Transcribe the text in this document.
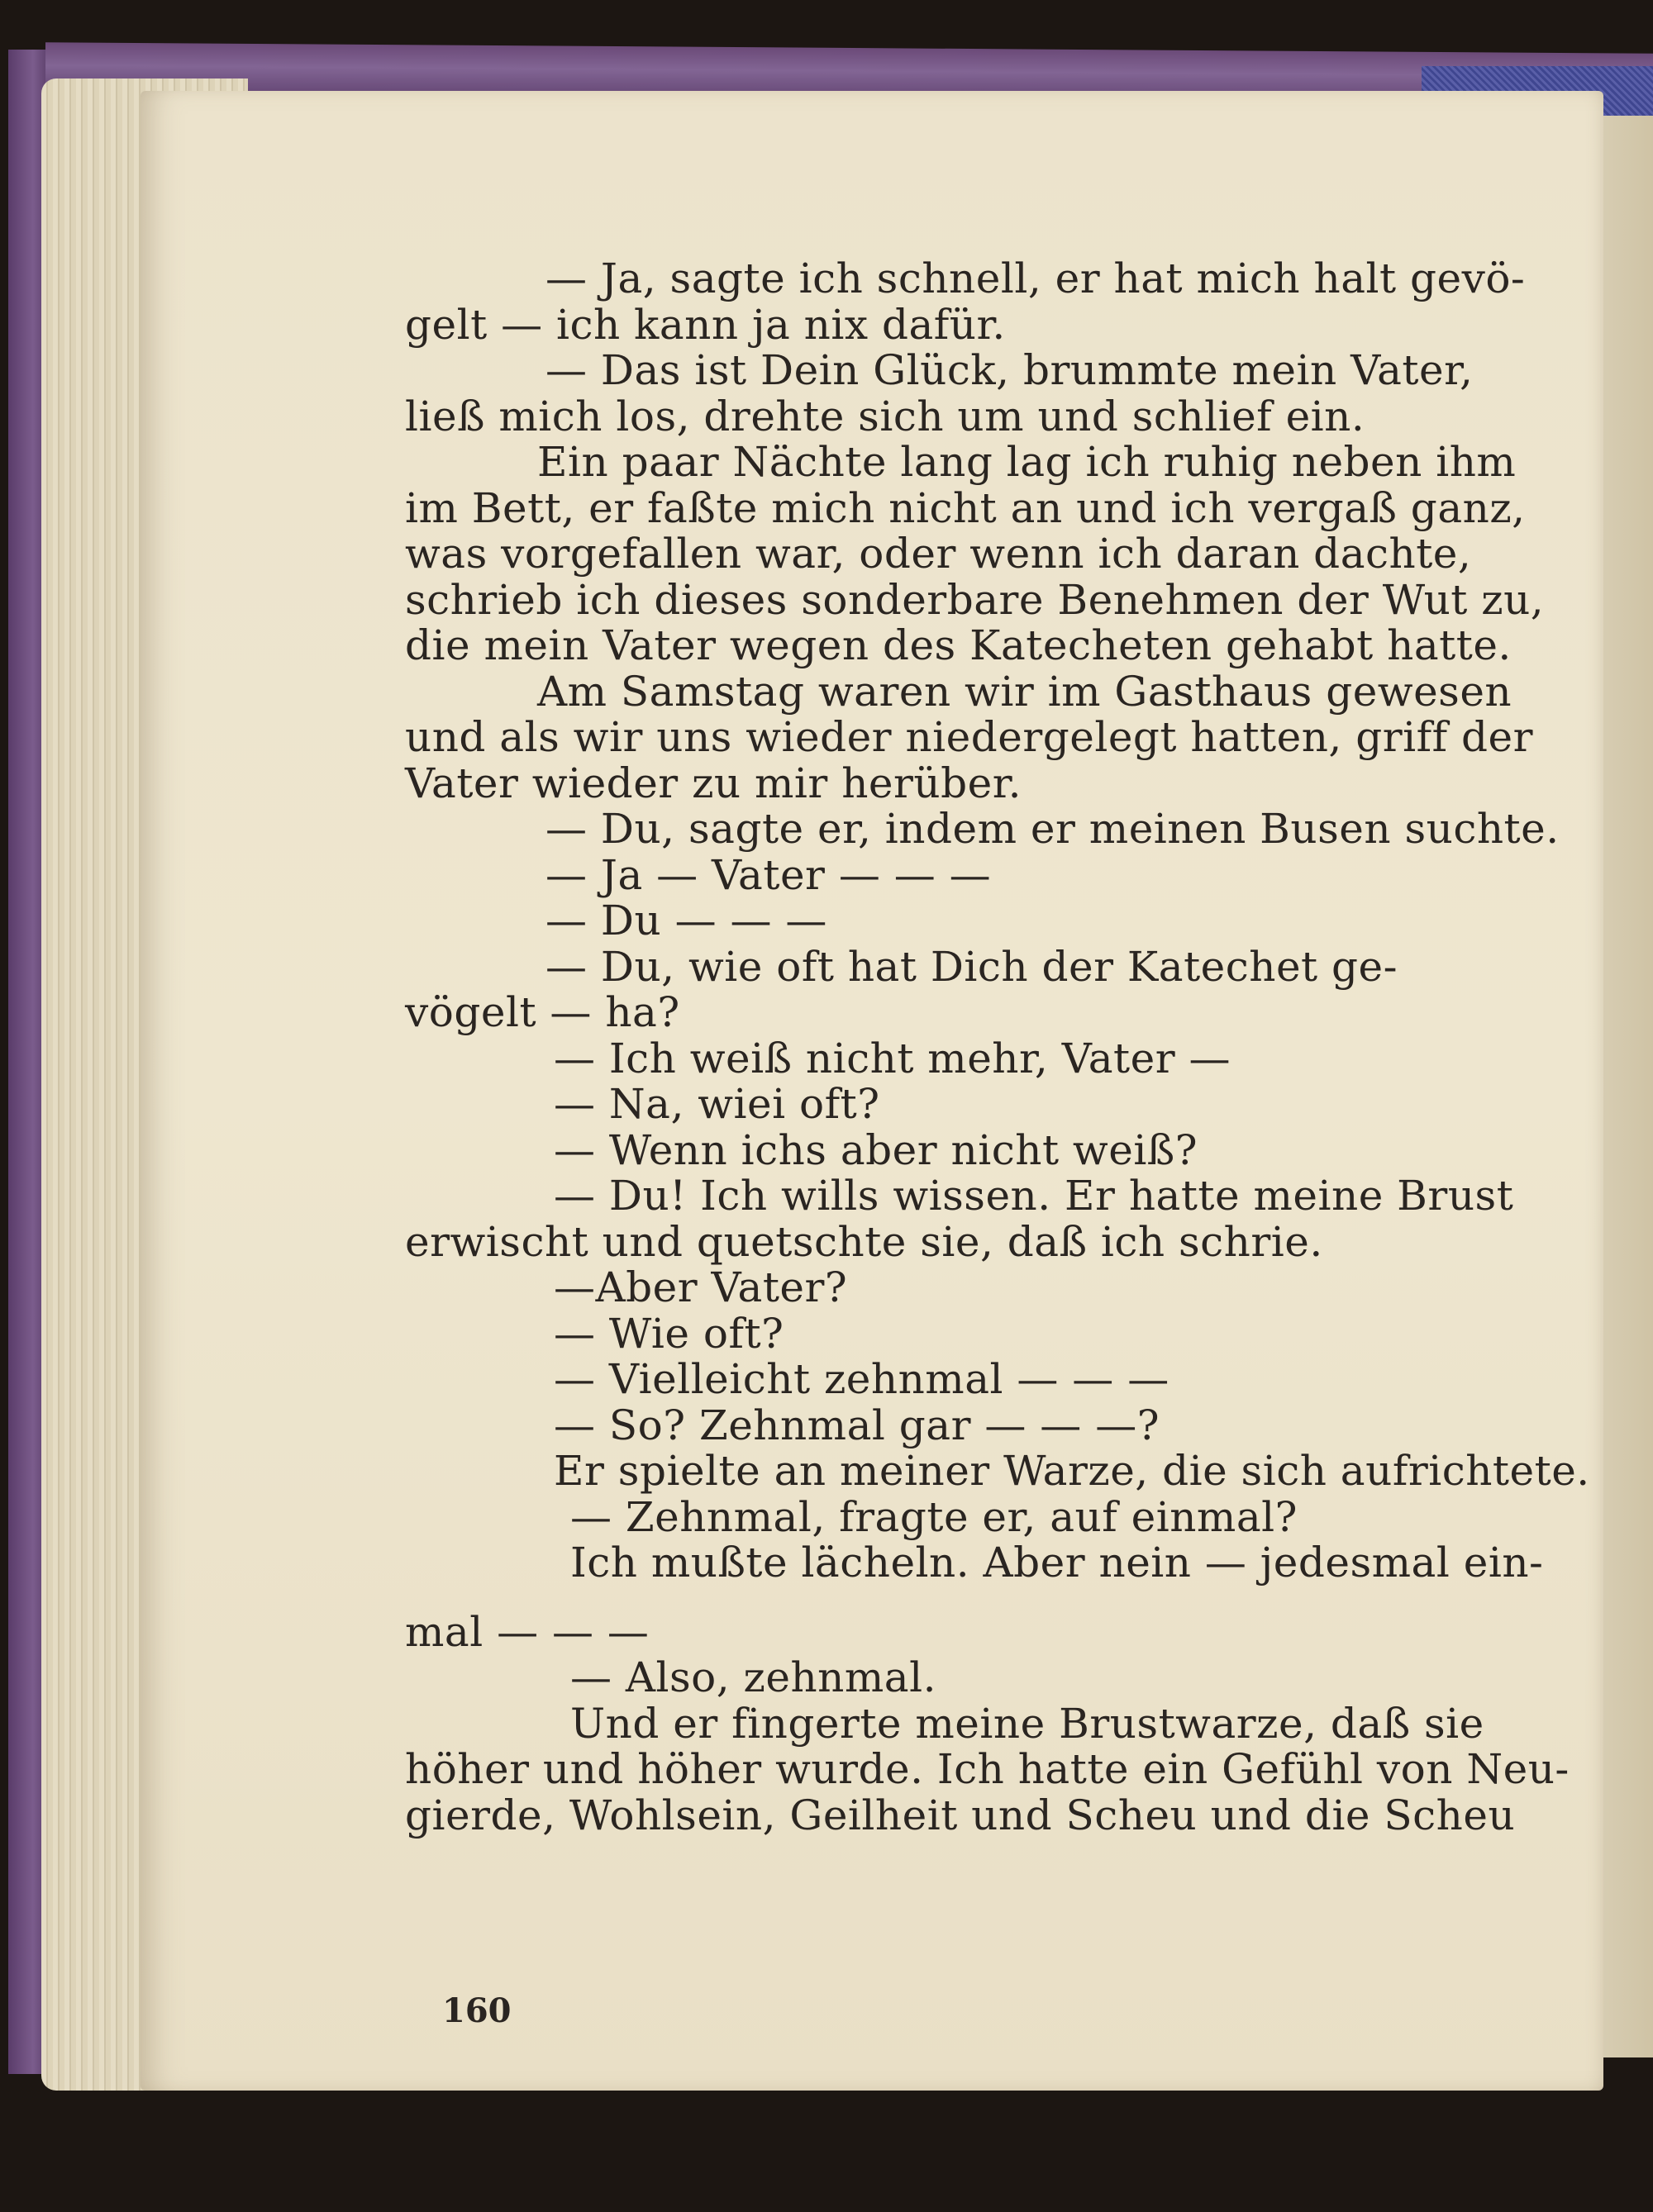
— Ja, sagte ich schnell, er hat mich halt gevö-
gelt — ich kann ja nix dafür.
— Das ist Dein Glück, brummte mein Vater,
ließ mich los, drehte sich um und schlief ein.
Ein paar Nächte lang lag ich ruhig neben ihm
im Bett, er faßte mich nicht an und ich vergaß ganz,
was vorgefallen war, oder wenn ich daran dachte,
schrieb ich dieses sonderbare Benehmen der Wut zu,
die mein Vater wegen des Katecheten gehabt hatte.
Am Samstag waren wir im Gasthaus gewesen
und als wir uns wieder niedergelegt hatten, griff der
Vater wieder zu mir herüber.
— Du, sagte er, indem er meinen Busen suchte.
— Ja — Vater — — —
— Du — — —
— Du, wie oft hat Dich der Katechet ge-
vögelt — ha?
— Ich weiß nicht mehr, Vater —
— Na, wiei oft?
— Wenn ichs aber nicht weiß?
— Du! Ich wills wissen. Er hatte meine Brust
erwischt und quetschte sie, daß ich schrie.
—Aber Vater?
— Wie oft?
— Vielleicht zehnmal — — —
— So? Zehnmal gar — — —?
Er spielte an meiner Warze, die sich aufrichtete.
— Zehnmal, fragte er, auf einmal?
Ich mußte lächeln. Aber nein — jedesmal ein-
mal — — —
— Also, zehnmal.
Und er fingerte meine Brustwarze, daß sie
höher und höher wurde. Ich hatte ein Gefühl von Neu-
gierde, Wohlsein, Geilheit und Scheu und die Scheu
160
